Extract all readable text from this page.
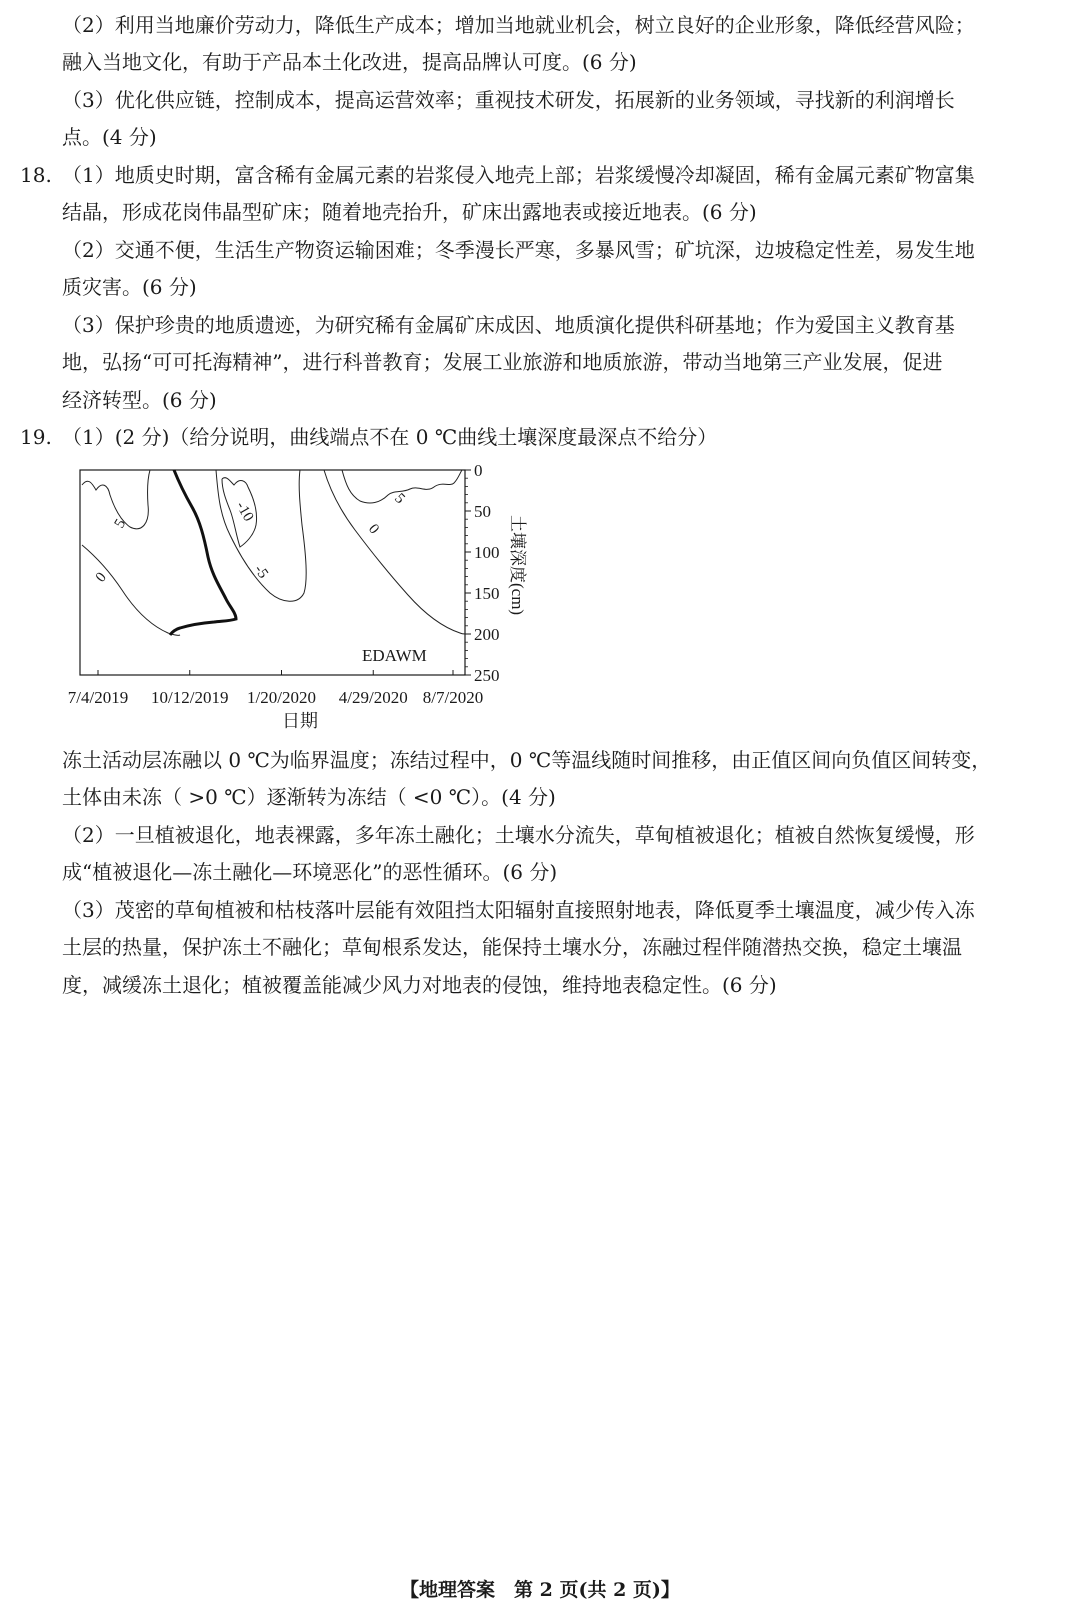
（2）利用当地廉价劳动力，降低生产成本；增加当地就业机会，树立良好的企业形象，降低经营风险；
融入当地文化，有助于产品本土化改进，提高品牌认可度。(6 分)
（3）优化供应链，控制成本，提高运营效率；重视技术研发，拓展新的业务领域，寻找新的利润增长
点。(4 分)
18. （1）地质史时期，富含稀有金属元素的岩浆侵入地壳上部；岩浆缓慢冷却凝固，稀有金属元素矿物富集
结晶，形成花岗伟晶型矿床；随着地壳抬升，矿床出露地表或接近地表。(6 分)
（2）交通不便，生活生产物资运输困难；冬季漫长严寒，多暴风雪；矿坑深，边坡稳定性差，易发生地
质灾害。(6 分)
（3）保护珍贵的地质遗迹，为研究稀有金属矿床成因、地质演化提供科研基地；作为爱国主义教育基
地，弘扬“可可托海精神”，进行科普教育；发展工业旅游和地质旅游，带动当地第三产业发展，促进
经济转型。(6 分)
19. （1）(2 分)（给分说明，曲线端点不在 0 ℃曲线土壤深度最深点不给分）
0
50
100
150
200
250
5
0
-10
-5
5
0
EDAWM
土壤深度(cm)
7/4/2019 10/12/2019 1/20/2020 4/29/2020 8/7/2020
日期
冻土活动层冻融以 0 ℃为临界温度；冻结过程中，0 ℃等温线随时间推移，由正值区间向负值区间转变，
土体由未冻（ >0 ℃）逐渐转为冻结（ <0 ℃）。(4 分)
（2）一旦植被退化，地表裸露，多年冻土融化；土壤水分流失，草甸植被退化；植被自然恢复缓慢，形
成“植被退化—冻土融化—环境恶化”的恶性循环。(6 分)
（3）茂密的草甸植被和枯枝落叶层能有效阻挡太阳辐射直接照射地表，降低夏季土壤温度，减少传入冻
土层的热量，保护冻土不融化；草甸根系发达，能保持土壤水分，冻融过程伴随潜热交换，稳定土壤温
度，减缓冻土退化；植被覆盖能减少风力对地表的侵蚀，维持地表稳定性。(6 分)
【地理答案　第 2 页(共 2 页)】
